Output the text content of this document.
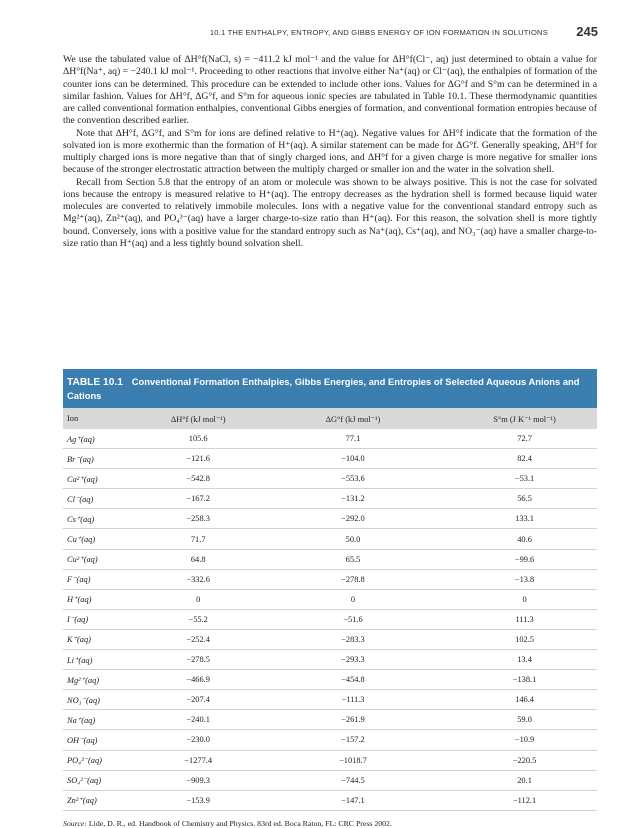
10.1 THE ENTHALPY, ENTROPY, AND GIBBS ENERGY OF ION FORMATION IN SOLUTIONS 245

We use the tabulated value of ΔH°f(NaCl, s) = −411.2 kJ mol⁻¹ and the value for ΔH°f(Cl⁻, aq) just determined to obtain a value for ΔH°f(Na⁺, aq) = −240.1 kJ mol⁻¹. Proceeding to other reactions that involve either Na⁺(aq) or Cl⁻(aq), the enthalpies of formation of the counter ions can be determined. This procedure can be extended to include other ions. Values for ΔG°f and S°m can be determined in a similar fashion. Values for ΔH°f, ΔG°f, and S°m for aqueous ionic species are tabulated in Table 10.1. These thermodynamic quantities are called conventional formation enthalpies, conventional Gibbs energies of formation, and conventional formation entropies because of the convention described earlier.

Note that ΔH°f, ΔG°f, and S°m for ions are defined relative to H⁺(aq). Negative values for ΔH°f indicate that the formation of the solvated ion is more exothermic than the formation of H⁺(aq). A similar statement can be made for ΔG°f. Generally speaking, ΔH°f for multiply charged ions is more negative than that of singly charged ions, and ΔH°f for a given charge is more negative for smaller ions because of the stronger electrostatic attraction between the multiply charged or smaller ion and the water in the solvation shell.

Recall from Section 5.8 that the entropy of an atom or molecule was shown to be always positive. This is not the case for solvated ions because the entropy is measured relative to H⁺(aq). The entropy decreases as the hydration shell is formed because liquid water molecules are converted to relatively immobile molecules. Ions with a negative value for the conventional standard entropy such as Mg²⁺(aq), Zn²⁺(aq), and PO₄³⁻(aq) have a larger charge-to-size ratio than H⁺(aq). For this reason, the solvation shell is more tightly bound. Conversely, ions with a positive value for the standard entropy such as Na⁺(aq), Cs⁺(aq), and NO₃⁻(aq) have a smaller charge-to-size ratio than H⁺(aq) and a less tightly bound solvation shell.

TABLE 10.1 Conventional Formation Enthalpies, Gibbs Energies, and Entropies of Selected Aqueous Anions and Cations
Ion	ΔH°f (kJ mol⁻¹)	ΔG°f (kJ mol⁻¹)	S°m (J K⁻¹ mol⁻¹)
Ag⁺(aq)	105.6	77.1	72.7
Br⁻(aq)	−121.6	−104.0	82.4
Ca²⁺(aq)	−542.8	−553.6	−53.1
Cl⁻(aq)	−167.2	−131.2	56.5
Cs⁺(aq)	−258.3	−292.0	133.1
Cu⁺(aq)	71.7	50.0	40.6
Cu²⁺(aq)	64.8	65.5	−99.6
F⁻(aq)	−332.6	−278.8	−13.8
H⁺(aq)	0	0	0
I⁻(aq)	−55.2	−51.6	111.3
K⁺(aq)	−252.4	−283.3	102.5
Li⁺(aq)	−278.5	−293.3	13.4
Mg²⁺(aq)	−466.9	−454.8	−138.1
NO₃⁻(aq)	−207.4	−111.3	146.4
Na⁺(aq)	−240.1	−261.9	59.0
OH⁻(aq)	−230.0	−157.2	−10.9
PO₄³⁻(aq)	−1277.4	−1018.7	−220.5
SO₄²⁻(aq)	−909.3	−744.5	20.1
Zn²⁺(aq)	−153.9	−147.1	−112.1
Source: Lide, D. R., ed. Handbook of Chemistry and Physics. 83rd ed. Boca Raton, FL: CRC Press 2002.
